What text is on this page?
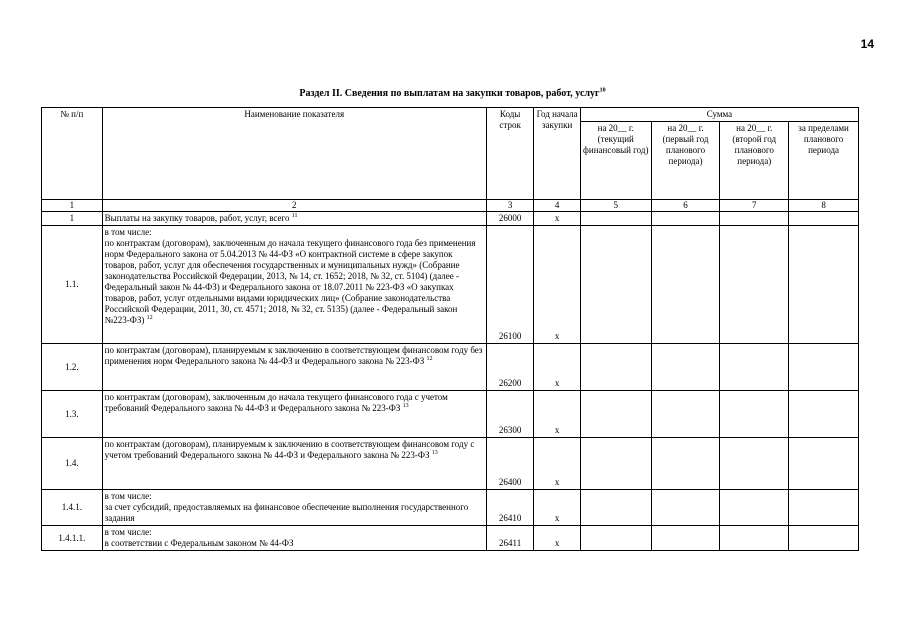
14
Раздел II. Сведения по выплатам на закупки товаров, работ, услуг$^{10}$
№ п/п	Наименование показателя	Коды строк	Год начала закупки	Сумма			
				на 20__ г. (текущий финансовый год)	на 20__ г. (первый год планового периода)	на 20__ г. (второй год планового периода)	за пределами планового периода
1	2	3	4	5	6	7	8
1	Выплаты на закупку товаров, работ, услуг, всего $^{11}$	26000	x				
1.1.	в том числе:
по контрактам (договорам), заключенным до начала текущего финансового года без применения норм Федерального закона от 5.04.2013 № 44-ФЗ «О контрактной системе в сфере закупок товаров, работ, услуг для обеспечения государственных и муниципальных нужд» (Собрание законодательства Российской Федерации, 2013, № 14, ст. 1652; 2018, № 32, ст. 5104) (далее - Федеральный закон № 44-ФЗ) и Федерального закона от 18.07.2011 № 223-ФЗ «О закупках товаров, работ, услуг отдельными видами юридических лиц» (Собрание законодательства Российской Федерации, 2011, 30, ст. 4571; 2018, № 32, ст. 5135) (далее - Федеральный закон №223-ФЗ) $^{12}$	26100	x				
1.2.	по контрактам (договорам), планируемым к заключению в соответствующем финансовом году без применения норм Федерального закона № 44-ФЗ и Федерального закона № 223-ФЗ $^{12}$	26200	x				
1.3.	по контрактам (договорам), заключенным до начала текущего финансового года с учетом требований Федерального закона № 44-ФЗ и Федерального закона № 223-ФЗ $^{13}$	26300	x				
1.4.	по контрактам (договорам), планируемым к заключению в соответствующем финансовом году с учетом требований Федерального закона № 44-ФЗ и Федерального закона № 223-ФЗ $^{13}$	26400	x				
1.4.1.	в том числе:
за счет субсидий, предоставляемых на финансовое обеспечение выполнения государственного задания	26410	x				
1.4.1.1.	в том числе:
в соответствии с Федеральным законом № 44-ФЗ	26411	x				
